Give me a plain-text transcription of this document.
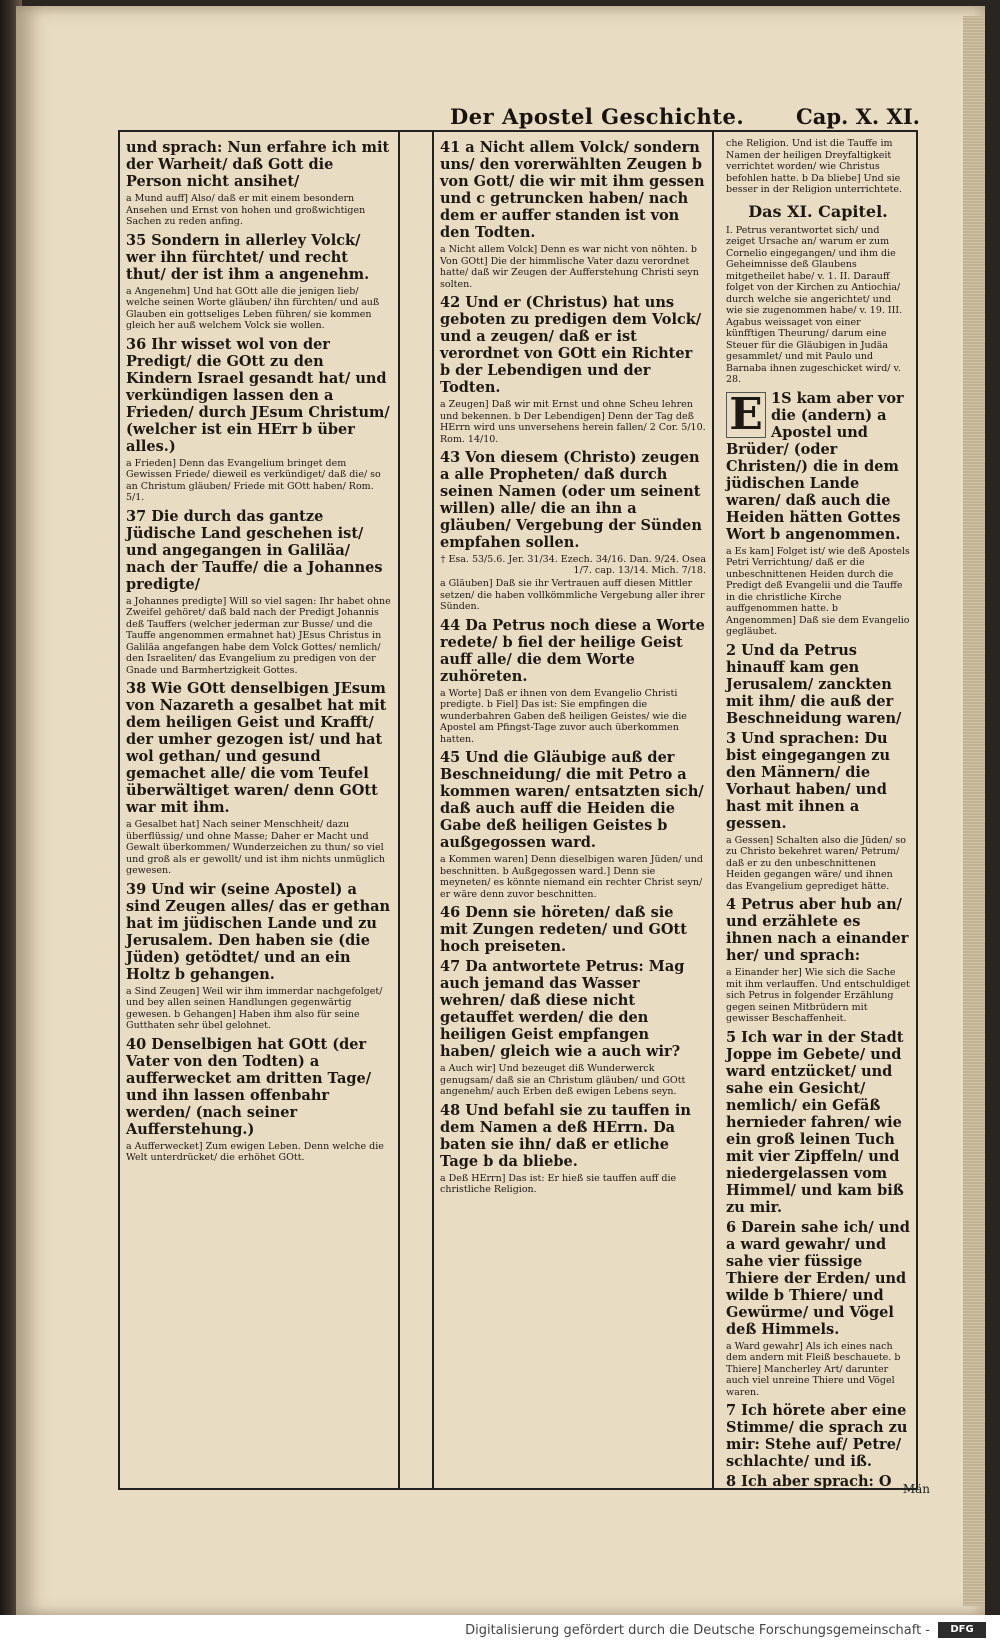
Der Apostel Geschichte. Cap. X. XI.
und sprach: Nun erfahre ich mit der Warheit/ daß Gott die Person nicht ansihet/
a Mund auff] Also/ daß er mit einem besondern Ansehen und Ernst von hohen und großwichtigen Sachen zu reden anfing.
35 Sondern in allerley Volck/ wer ihn fürchtet/ und recht thut/ der ist ihm a angenehm.
a Angenehm] Und hat GOtt alle die jenigen lieb/ welche seinen Worte gläuben/ ihn fürchten/ und auß Glauben ein gottseliges Leben führen/ sie kommen gleich her auß welchem Volck sie wollen.
36 Ihr wisset wol von der Predigt/ die GOtt zu den Kindern Israel gesandt hat/ und verkündigen lassen den a Frieden/ durch JEsum Christum/ (welcher ist ein HErr b über alles.)
a Frieden] Denn das Evangelium bringet dem Gewissen Friede/ dieweil es verkündiget/ daß die/ so an Christum gläuben/ Friede mit GOtt haben/ Rom. 5/1.
37 Die durch das gantze Jüdische Land geschehen ist/ und angegangen in Galiläa/ nach der Tauffe/ die a Johannes predigte/
a Johannes predigte] Will so viel sagen: Ihr habet ohne Zweifel gehöret/ daß bald nach der Predigt Johannis deß Tauffers (welcher jederman zur Busse/ und die Tauffe angenommen ermahnet hat) JEsus Christus in Galiläa angefangen habe dem Volck Gottes/ nemlich/ den Israeliten/ das Evangelium zu predigen von der Gnade und Barmhertzigkeit Gottes.
38 Wie GOtt denselbigen JEsum von Nazareth a gesalbet hat mit dem heiligen Geist und Krafft/ der umher gezogen ist/ und hat wol gethan/ und gesund gemachet alle/ die vom Teufel überwältiget waren/ denn GOtt war mit ihm.
a Gesalbet hat] Nach seiner Menschheit/ dazu überflüssig/ und ohne Masse; Daher er Macht und Gewalt überkommen/ Wunderzeichen zu thun/ so viel und groß als er gewollt/ und ist ihm nichts unmüglich gewesen.
39 Und wir (seine Apostel) a sind Zeugen alles/ das er gethan hat im jüdischen Lande und zu Jerusalem. Den haben sie (die Jüden) getödtet/ und an ein Holtz b gehangen.
a Sind Zeugen] Weil wir ihm immerdar nachgefolget/ und bey allen seinen Handlungen gegenwärtig gewesen. b Gehangen] Haben ihm also für seine Gutthaten sehr übel gelohnet.
40 Denselbigen hat GOtt (der Vater von den Todten) a aufferwecket am dritten Tage/ und ihn lassen offenbahr werden/ (nach seiner Aufferstehung.)
a Aufferwecket] Zum ewigen Leben. Denn welche die Welt unterdrücket/ die erhöhet GOtt.
41 a Nicht allem Volck/ sondern uns/ den vorerwählten Zeugen b von Gott/ die wir mit ihm gessen und c getruncken haben/ nach dem er auffer standen ist von den Todten.
a Nicht allem Volck] Denn es war nicht von nöhten. b Von GOtt] Die der himmlische Vater dazu verordnet hatte/ daß wir Zeugen der Aufferstehung Christi seyn solten.
42 Und er (Christus) hat uns geboten zu predigen dem Volck/ und a zeugen/ daß er ist verordnet von GOtt ein Richter b der Lebendigen und der Todten.
a Zeugen] Daß wir mit Ernst und ohne Scheu lehren und bekennen. b Der Lebendigen] Denn der Tag deß HErrn wird uns unversehens herein fallen/ 2 Cor. 5/10. Rom. 14/10.
43 Von diesem (Christo) zeugen a alle Propheten/ daß durch seinen Namen (oder um seinent willen) alle/ die an ihn a gläuben/ Vergebung der Sünden empfahen sollen.
† Esa. 53/5.6. Jer. 31/34. Ezech. 34/16. Dan. 9/24. Osea 1/7. cap. 13/14. Mich. 7/18.
a Gläuben] Daß sie ihr Vertrauen auff diesen Mittler setzen/ die haben vollkömmliche Vergebung aller ihrer Sünden.
44 Da Petrus noch diese a Worte redete/ b fiel der heilige Geist auff alle/ die dem Worte zuhöreten.
a Worte] Daß er ihnen von dem Evangelio Christi predigte. b Fiel] Das ist: Sie empfingen die wunderbahren Gaben deß heiligen Geistes/ wie die Apostel am Pfingst-Tage zuvor auch überkommen hatten.
45 Und die Gläubige auß der Beschneidung/ die mit Petro a kommen waren/ entsatzten sich/ daß auch auff die Heiden die Gabe deß heiligen Geistes b außgegossen ward.
a Kommen waren] Denn dieselbigen waren Jüden/ und beschnitten. b Außgegossen ward.] Denn sie meyneten/ es könnte niemand ein rechter Christ seyn/ er wäre denn zuvor beschnitten.
46 Denn sie höreten/ daß sie mit Zungen redeten/ und GOtt hoch preiseten.
47 Da antwortete Petrus: Mag auch jemand das Wasser wehren/ daß diese nicht getauffet werden/ die den heiligen Geist empfangen haben/ gleich wie a auch wir?
a Auch wir] Und bezeuget diß Wunderwerck genugsam/ daß sie an Christum gläuben/ und GOtt angenehm/ auch Erben deß ewigen Lebens seyn.
48 Und befahl sie zu tauffen in dem Namen a deß HErrn. Da baten sie ihn/ daß er etliche Tage b da bliebe.
a Deß HErrn] Das ist: Er hieß sie tauffen auff die christliche Religion.
che Religion. Und ist die Tauffe im Namen der heiligen Dreyfaltigkeit verrichtet worden/ wie Christus befohlen hatte. b Da bliebe] Und sie besser in der Religion unterrichtete.
Das XI. Capitel.
I. Petrus verantwortet sich/ und zeiget Ursache an/ warum er zum Cornelio eingegangen/ und ihm die Geheimnisse deß Glaubens mitgetheilet habe/ v. 1. II. Darauff folget von der Kirchen zu Antiochia/ durch welche sie angerichtet/ und wie sie zugenommen habe/ v. 19. III. Agabus weissaget von einer künfftigen Theurung/ darum eine Steuer für die Gläubigen in Judäa gesammlet/ und mit Paulo und Barnaba ihnen zugeschicket wird/ v. 28.
1
E S kam aber vor die (andern) a Apostel und Brüder/ (oder Christen/) die in dem jüdischen Lande waren/ daß auch die Heiden hätten Gottes Wort b angenommen.
a Es kam] Folget ist/ wie deß Apostels Petri Verrichtung/ daß er die unbeschnittenen Heiden durch die Predigt deß Evangelii und die Tauffe in die christliche Kirche auffgenommen hatte. b Angenommen] Daß sie dem Evangelio gegläubet.
2 Und da Petrus hinauff kam gen Jerusalem/ zanckten mit ihm/ die auß der Beschneidung waren/
3 Und sprachen: Du bist eingegangen zu den Männern/ die Vorhaut haben/ und hast mit ihnen a gessen.
a Gessen] Schalten also die Jüden/ so zu Christo bekehret waren/ Petrum/ daß er zu den unbeschnittenen Heiden gegangen wäre/ und ihnen das Evangelium geprediget hätte.
4 Petrus aber hub an/ und erzählete es ihnen nach a einander her/ und sprach:
a Einander her] Wie sich die Sache mit ihm verlauffen. Und entschuldiget sich Petrus in folgender Erzählung gegen seinen Mitbrüdern mit gewisser Beschaffenheit.
5 Ich war in der Stadt Joppe im Gebete/ und ward entzücket/ und sahe ein Gesicht/ nemlich/ ein Gefäß hernieder fahren/ wie ein groß leinen Tuch mit vier Zipffeln/ und niedergelassen vom Himmel/ und kam biß zu mir.
6 Darein sahe ich/ und a ward gewahr/ und sahe vier füssige Thiere der Erden/ und wilde b Thiere/ und Gewürme/ und Vögel deß Himmels.
a Ward gewahr] Als ich eines nach dem andern mit Fleiß beschauete. b Thiere] Mancherley Art/ darunter auch viel unreine Thiere und Vögel waren.
7 Ich hörete aber eine Stimme/ die sprach zu mir: Stehe auf/ Petre/ schlachte/ und iß.
8 Ich aber sprach: O Män
Digitalisierung gefördert durch die Deutsche Forschungsgemeinschaft -	DFG
